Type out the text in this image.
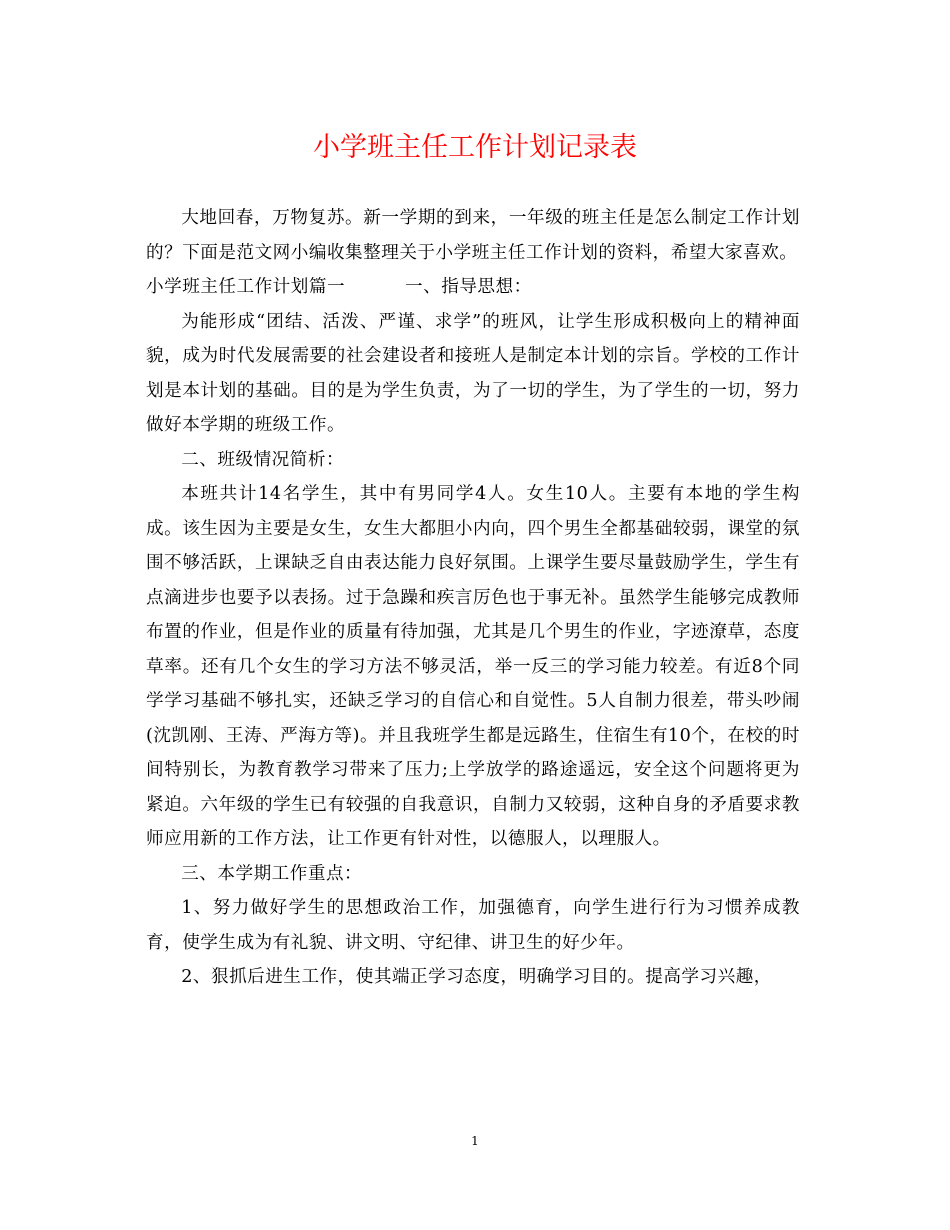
小学班主任工作计划记录表

大地回春，万物复苏。新一学期的到来，一年级的班主任是怎么制定工作计划的？下面是范文网小编收集整理关于小学班主任工作计划的资料，希望大家喜欢。

小学班主任工作计划篇一	一、指导思想：

为能形成“团结、活泼、严谨、求学”的班风，让学生形成积极向上的精神面貌，成为时代发展需要的社会建设者和接班人是制定本计划的宗旨。学校的工作计划是本计划的基础。目的是为学生负责，为了一切的学生，为了学生的一切，努力做好本学期的班级工作。

二、班级情况简析：

本班共计14名学生，其中有男同学4人。女生10人。主要有本地的学生构成。该生因为主要是女生，女生大都胆小内向，四个男生全都基础较弱，课堂的氛围不够活跃，上课缺乏自由表达能力良好氛围。上课学生要尽量鼓励学生，学生有点滴进步也要予以表扬。过于急躁和疾言厉色也于事无补。虽然学生能够完成教师布置的作业，但是作业的质量有待加强，尤其是几个男生的作业，字迹潦草，态度草率。还有几个女生的学习方法不够灵活，举一反三的学习能力较差。有近8个同学学习基础不够扎实，还缺乏学习的自信心和自觉性。5人自制力很差，带头吵闹(沈凯刚、王涛、严海方等)。并且我班学生都是远路生，住宿生有10个，在校的时间特别长，为教育教学习带来了压力;上学放学的路途遥远，安全这个问题将更为紧迫。六年级的学生已有较强的自我意识，自制力又较弱，这种自身的矛盾要求教师应用新的工作方法，让工作更有针对性，以德服人，以理服人。

三、本学期工作重点：

1、努力做好学生的思想政治工作，加强德育，向学生进行行为习惯养成教育，使学生成为有礼貌、讲文明、守纪律、讲卫生的好少年。

2、狠抓后进生工作，使其端正学习态度，明确学习目的。提高学习兴趣，

1
